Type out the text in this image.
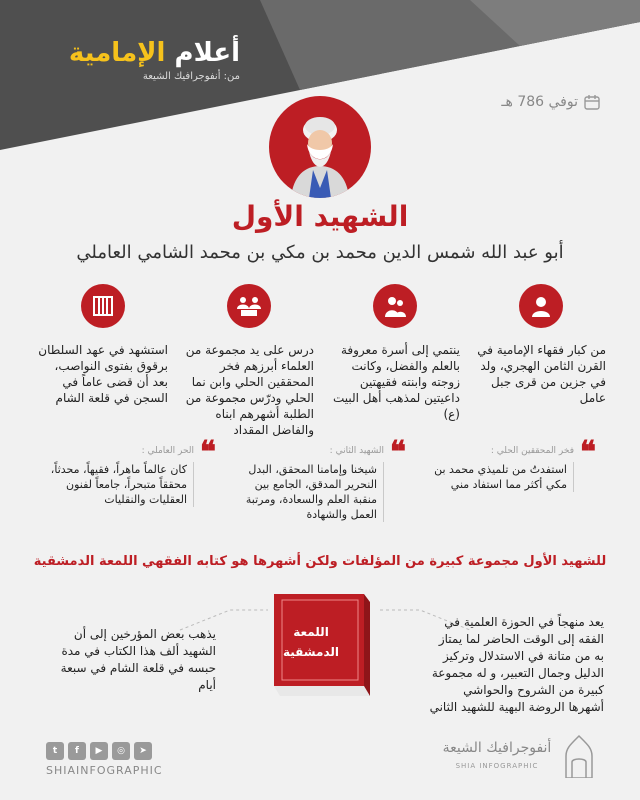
أعلام الإمامية
من: أنفوجرافيك الشيعة
توفي 786 هـ
الشهيد الأول
أبو عبد الله شمس الدين محمد بن مكي بن محمد الشامي العاملي
من كبار فقهاء الإمامية في القرن الثامن الهجري، ولد في جزين من قرى جبل عامل
ينتمي إلى أسرة معروفة بالعلم والفضل، وكانت زوجته وابنته فقيهتين داعيتين لمذهب أهل البيت (ع)
درس على يد مجموعة من العلماء أبرزهم فخر المحققين الحلي وابن نما الحلي ودرّس مجموعة من الطلبة أشهرهم ابناه والفاضل المقداد
استشهد في عهد السلطان برقوق بفتوى النواصب، بعد أن قضى عاماً في السجن في قلعة الشام
❝
فخر المحققين الحلي :
استفدتُ من تلميذي محمد بن مكي أكثر مما استفاد مني
❝
الشهيد الثاني :
شيخنا وإمامنا المحقق، البدل النحرير المدقق، الجامع بين منقبة العلم والسعادة، ومرتبة العمل والشهادة
❝
الحر العاملي :
كان عالماً ماهراً، فقيهاً، محدثاً، محققاً متبحراً، جامعاً لفنون العقليات والنقليات
للشهيد الأول مجموعة كبيرة من المؤلفات ولكن أشهرها هو كتابه الفقهي اللمعة الدمشقية
اللمعة
الدمشقية
يعد منهجاً في الحوزة العلمية في الفقه إلى الوقت الحاضر لما يمتاز به من متانة في الاستدلال وتركيز الدليل وجمال التعبير، و له مجموعة كبيرة من الشروح والحواشي أشهرها الروضة البهية للشهيد الثاني
يذهب بعض المؤرخين إلى أن الشهيد ألف هذا الكتاب في مدة حبسه في قلعة الشام في سبعة أيام
t	f	▶	◎	➤
SHIAINFOGRAPHIC
أنفوجرافيك الشيعة
SHIA INFOGRAPHIC
